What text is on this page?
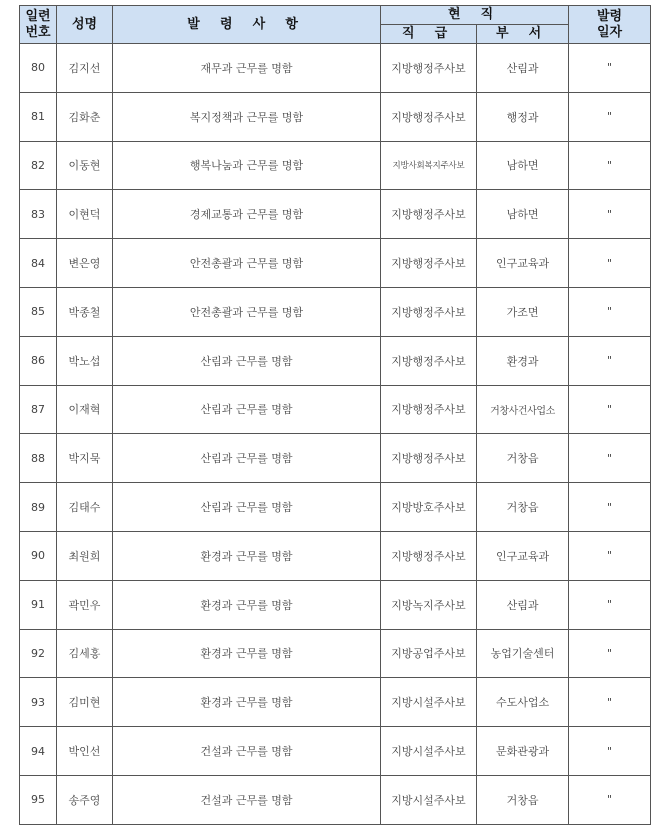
일련
번호	성명	발 령 사 항	현 직		발령
일자

			직 급	부 서	
80	김지선	재무과 근무를 명함	지방행정주사보	산림과	"
81	김화춘	복지정책과 근무를 명함	지방행정주사보	행정과	"
82	이동현	행복나눔과 근무를 명함	지방사회복지주사보	남하면	"
83	이현덕	경제교통과 근무를 명함	지방행정주사보	남하면	"
84	변은영	안전총괄과 근무를 명함	지방행정주사보	인구교육과	"
85	박종철	안전총괄과 근무를 명함	지방행정주사보	가조면	"
86	박노섭	산림과 근무를 명함	지방행정주사보	환경과	"
87	이재혁	산림과 근무를 명함	지방행정주사보	거창사건사업소	"
88	박지묵	산림과 근무를 명함	지방행정주사보	거창읍	"
89	김태수	산림과 근무를 명함	지방방호주사보	거창읍	"
90	최원희	환경과 근무를 명함	지방행정주사보	인구교육과	"
91	곽민우	환경과 근무를 명함	지방녹지주사보	산림과	"
92	김세홍	환경과 근무를 명함	지방공업주사보	농업기술센터	"
93	김미현	환경과 근무를 명함	지방시설주사보	수도사업소	"
94	박인선	건설과 근무를 명함	지방시설주사보	문화관광과	"
95	송주영	건설과 근무를 명함	지방시설주사보	거창읍	"
